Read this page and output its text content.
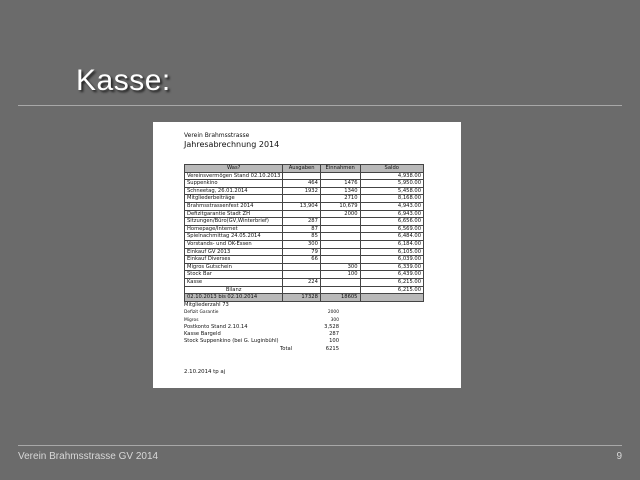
Kasse:
Verein Brahmsstrasse
Jahresabrechnung 2014
Was?	Ausgaben	Einnahmen	Saldo
Vereinsvermögen Stand 02.10.2013			4,938.00
Suppenkino	464	1476	5,950.00
Schneetag, 26.01.2014	1932	1340	5,458.00
Mitgliederbeiträge		2710	8,168.00
Brahmsstrassenfest 2014	13,904	10,679	4,943.00
Defizitgarantie Stadt ZH		2000	6,943.00
Sitzungen/Büro(GV,Winterbrief)	287		6,656.00
Homepage/Internet	87		6,569.00
Spielnachmittag 24.05.2014	85		6,484.00
Vorstands- und OK-Essen	300		6,184.00
Einkauf GV 2013	79		6,105.00
Einkauf Diverses	66		6,039.00
Migros Gutschein		300	6,339.00
Stock Bar		100	6,439.00
Kasse	224		6,215.00
Bilanz			6,215.00
02.10.2013 bis 02.10.2014	17328	18605	
Mitgliederzahl 73
Defizit Garantie	2000
Migros	300
Postkonto Stand 2.10.14	3,528
Kasse Bargeld	287
Stock Suppenkino (bei G. Luginbühl)	100
Total	6215
2.10.2014 tp aj
Verein Brahmsstrasse GV 2014	9
